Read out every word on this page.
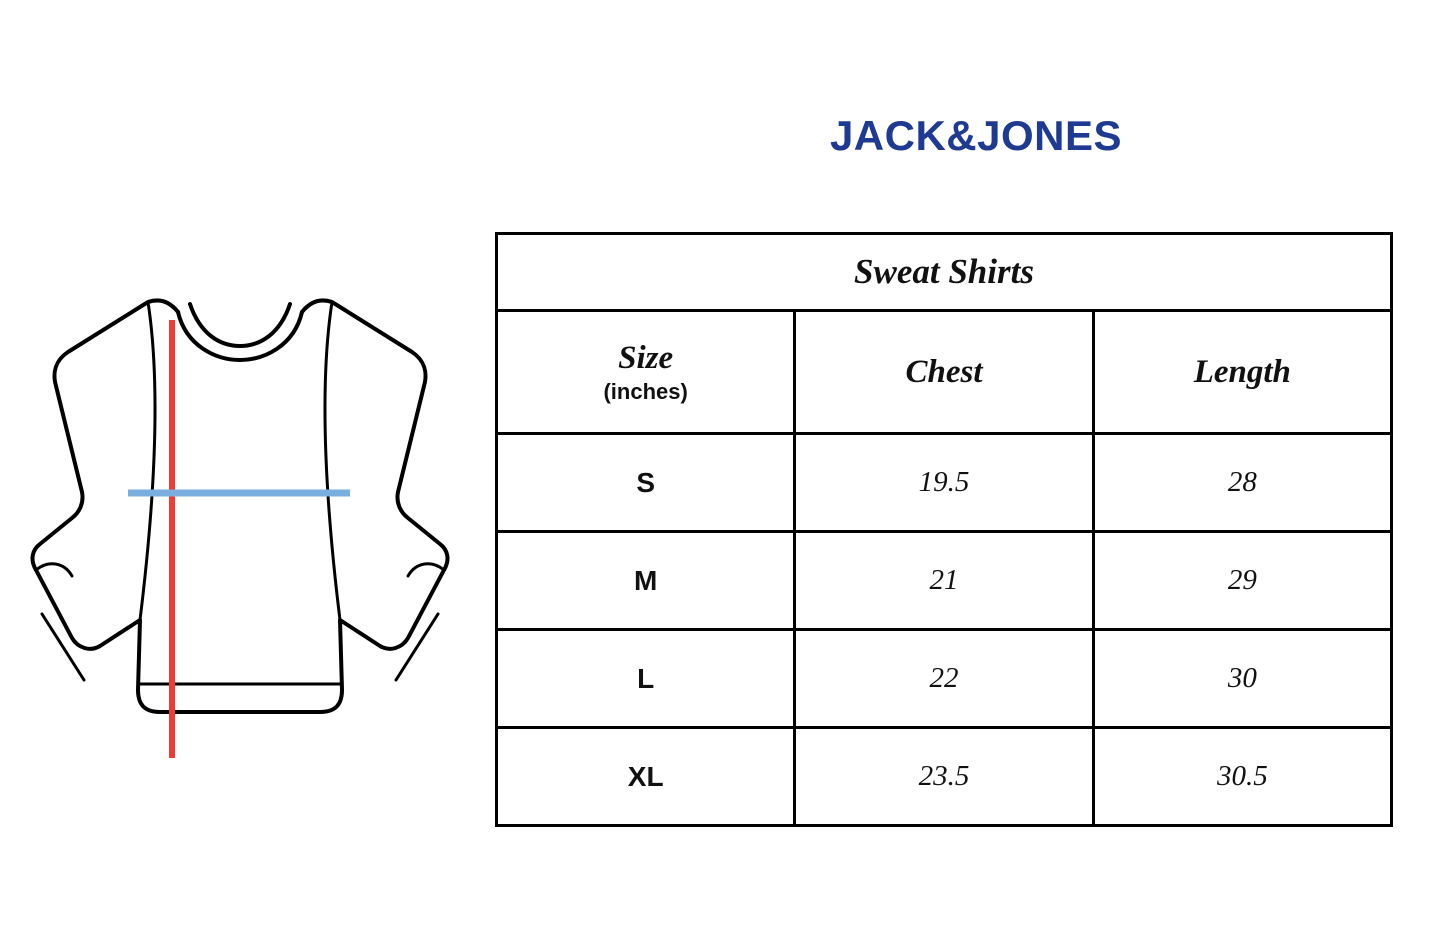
JACK&JONES
Sweat Shirts		
Size
(inches)	Chest	Length
S	19.5	28
M	21	29
L	22	30
XL	23.5	30.5
